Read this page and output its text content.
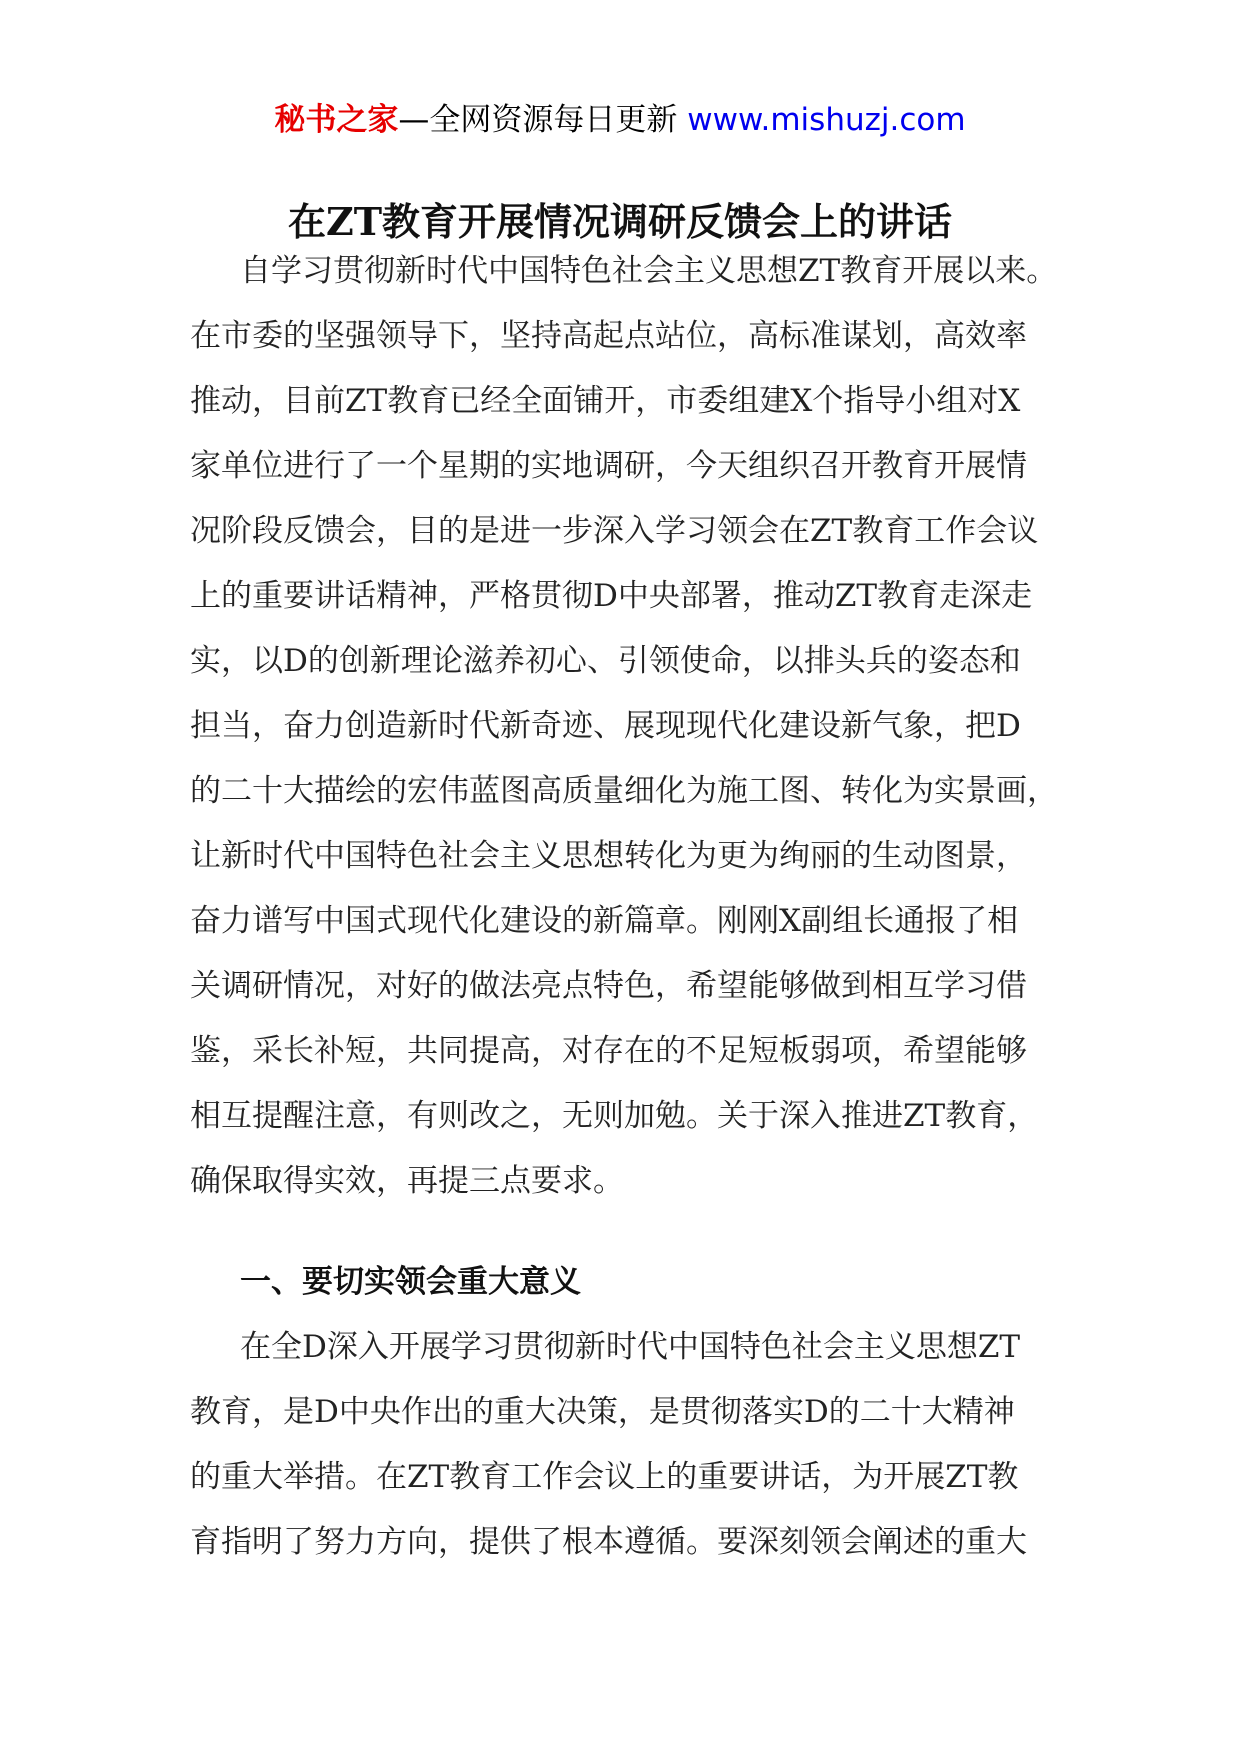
秘书之家—全网资源每日更新 www.mishuzj.com
在ZT教育开展情况调研反馈会上的讲话
自学习贯彻新时代中国特色社会主义思想ZT教育开展以来。
在市委的坚强领导下，坚持高起点站位，高标准谋划，高效率
推动，目前ZT教育已经全面铺开，市委组建X个指导小组对X
家单位进行了一个星期的实地调研，今天组织召开教育开展情
况阶段反馈会，目的是进一步深入学习领会在ZT教育工作会议
上的重要讲话精神，严格贯彻D中央部署，推动ZT教育走深走
实，以D的创新理论滋养初心、引领使命，以排头兵的姿态和
担当，奋力创造新时代新奇迹、展现现代化建设新气象，把D
的二十大描绘的宏伟蓝图高质量细化为施工图、转化为实景画，
让新时代中国特色社会主义思想转化为更为绚丽的生动图景，
奋力谱写中国式现代化建设的新篇章。刚刚X副组长通报了相
关调研情况，对好的做法亮点特色，希望能够做到相互学习借
鉴，采长补短，共同提高，对存在的不足短板弱项，希望能够
相互提醒注意，有则改之，无则加勉。关于深入推进ZT教育，
确保取得实效，再提三点要求。
一、要切实领会重大意义
在全D深入开展学习贯彻新时代中国特色社会主义思想ZT
教育，是D中央作出的重大决策，是贯彻落实D的二十大精神
的重大举措。在ZT教育工作会议上的重要讲话，为开展ZT教
育指明了努力方向，提供了根本遵循。要深刻领会阐述的重大
